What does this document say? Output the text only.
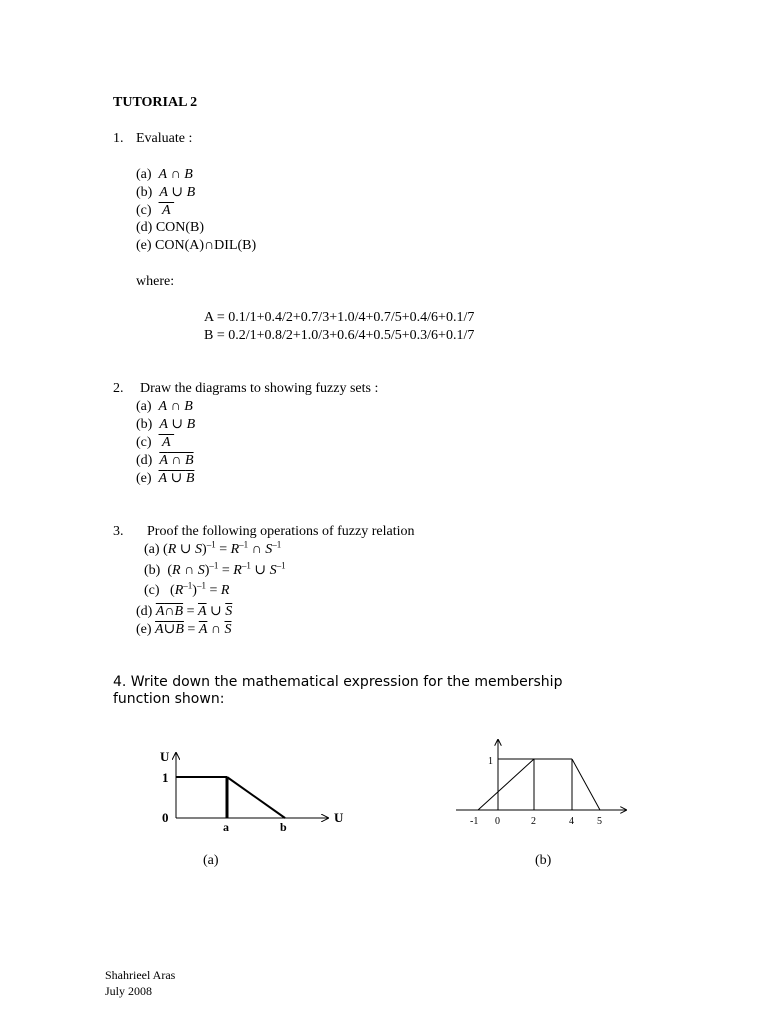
TUTORIAL 2
1. Evaluate :
(a) A ∩ B
(b) A ∪ B
(c)   A
(d) CON(B)
(e) CON(A)∩DIL(B)
where:
A = 0.1/1+0.4/2+0.7/3+1.0/4+0.7/5+0.4/6+0.1/7
B = 0.2/1+0.8/2+1.0/3+0.6/4+0.5/5+0.3/6+0.1/7
2. Draw the diagrams to showing fuzzy sets :
(a) A ∩ B
(b) A ∪ B
(c)   A
(d) A ∩ B
(e) A ∪ B
3. Proof the following operations of fuzzy relation
(a) (R ∪ $S)^{-1} = R^{-1}$ ∩ $S^{-1}$
(b)  (R ∩ $S)^{-1} = R^{-1}$ ∪ $S^{-1}$
(c)   $(R^{-1})^{-1} = R$
(d) A∩B = $\overline{A}$ ∪ $\overline{S}$
(e) A∪B = $\overline{A}$ ∩ $\overline{S}$
4. Write down the mathematical expression for the membership
function shown:
U
1
0
a	b
U
(a)
1
-1 0	2	4 5
(b)
Shahrieel Aras
July 2008
